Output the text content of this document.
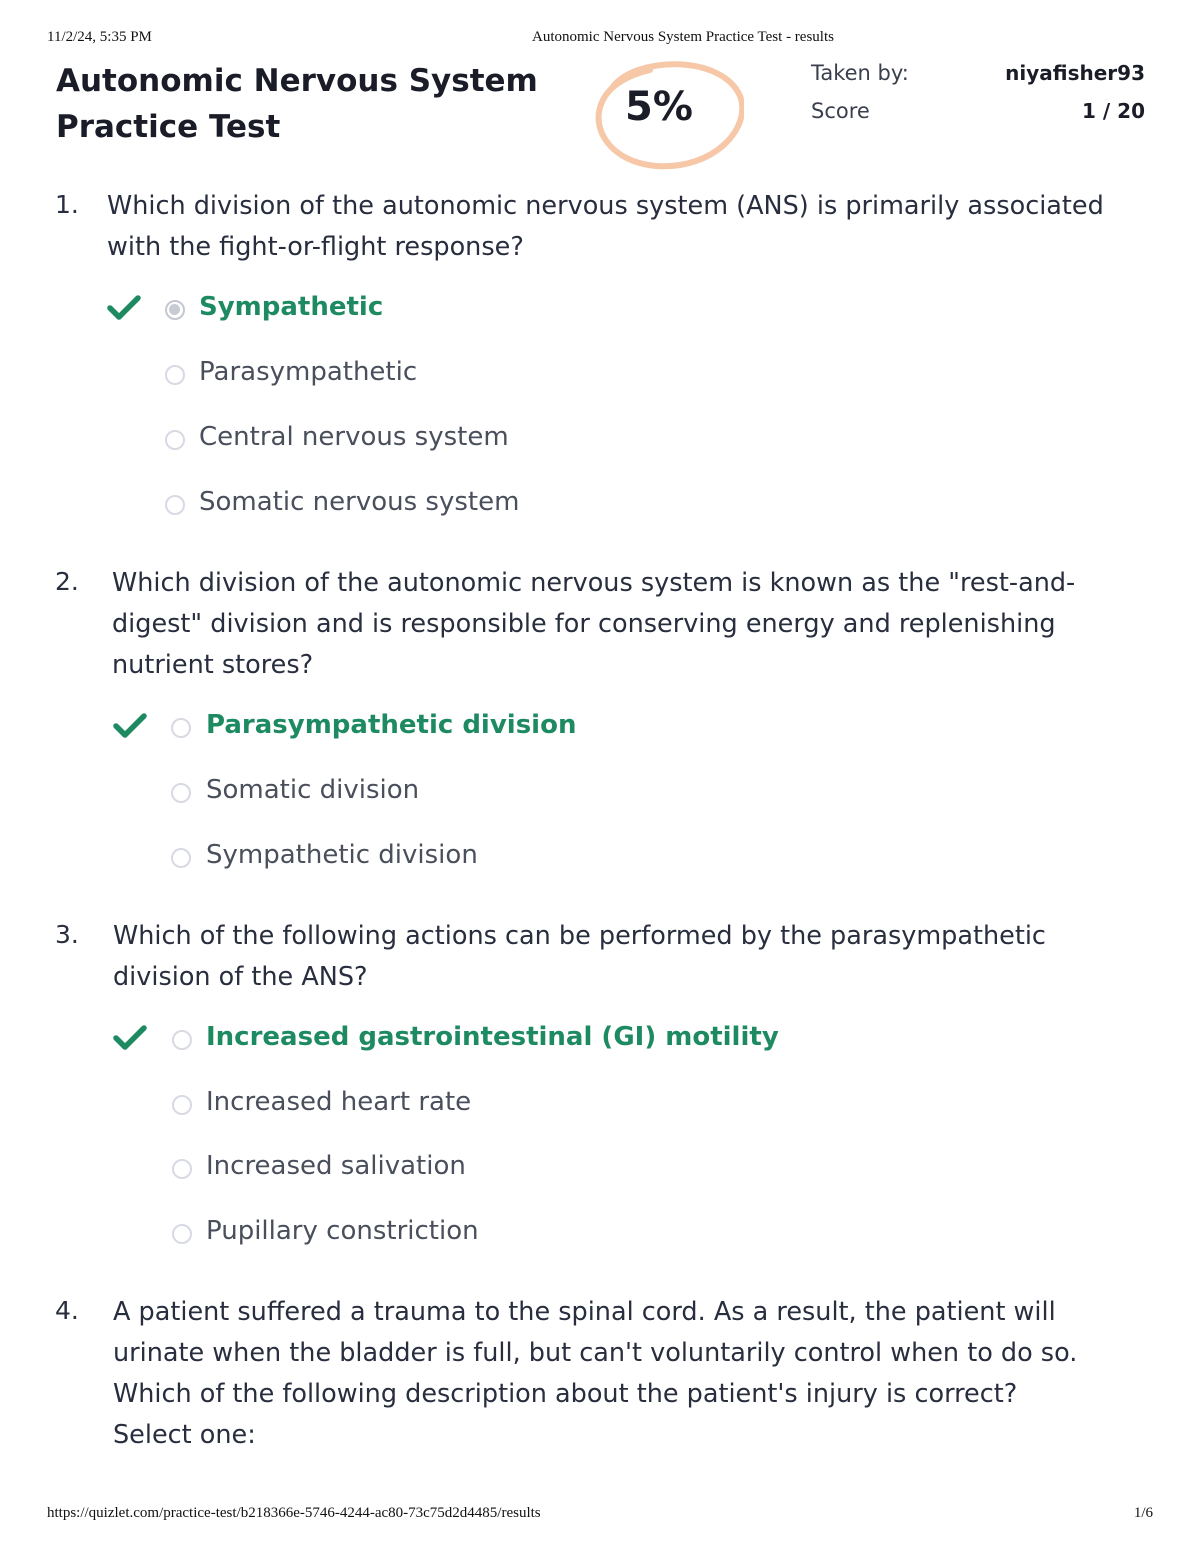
11/2/24, 5:35 PM	Autonomic Nervous System Practice Test - results
Autonomic Nervous System
Practice Test	5%
Taken by:	niyafisher93
Score	1 / 20
1. Which division of the autonomic nervous system (ANS) is primarily associated
with the fight-or-flight response?
Sympathetic
Parasympathetic
Central nervous system
Somatic nervous system
2. Which division of the autonomic nervous system is known as the "rest-and-
digest" division and is responsible for conserving energy and replenishing
nutrient stores?
Parasympathetic division
Somatic division
Sympathetic division
3. Which of the following actions can be performed by the parasympathetic
division of the ANS?
Increased gastrointestinal (GI) motility
Increased heart rate
Increased salivation
Pupillary constriction
4. A patient suffered a trauma to the spinal cord. As a result, the patient will
urinate when the bladder is full, but can't voluntarily control when to do so.
Which of the following description about the patient's injury is correct?
Select one:
https://quizlet.com/practice-test/b218366e-5746-4244-ac80-73c75d2d4485/results	1/6
